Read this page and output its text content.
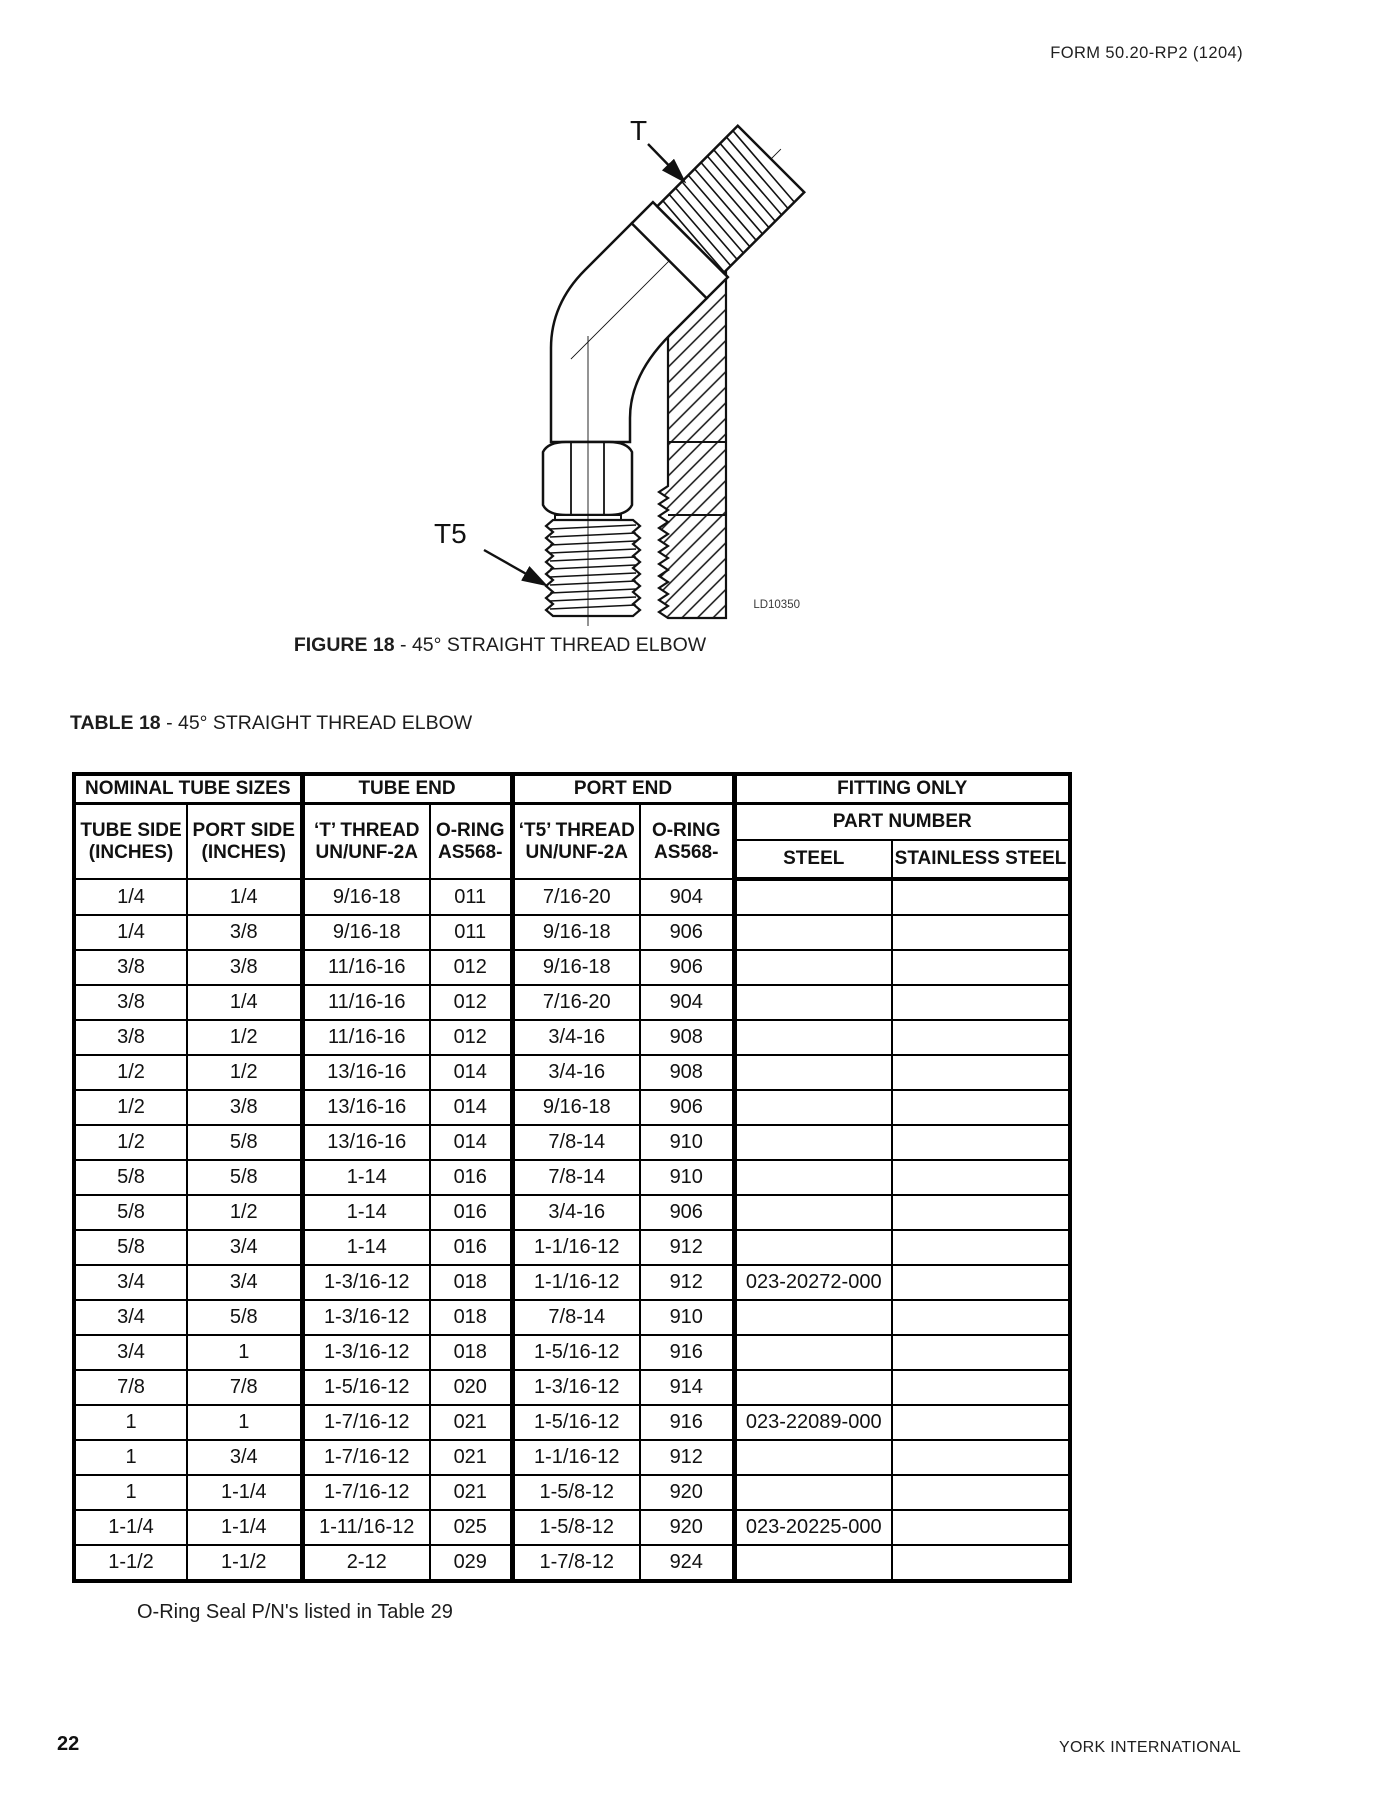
FORM 50.20-RP2 (1204)
T
T5
LD10350
FIGURE 18 - 45° STRAIGHT THREAD ELBOW
TABLE 18 - 45° STRAIGHT THREAD ELBOW
NOMINAL TUBE SIZES		TUBE END		PORT END		FITTING ONLY	

TUBE SIDE
(INCHES)	PORT SIDE
(INCHES)	‘T’ THREAD
UN/UNF-2A	O-RING
AS568-	‘T5’ THREAD
UN/UNF-2A	O-RING
AS568-	PART NUMBER	
						STEEL	STAINLESS STEEL
1/4	1/4	9/16-18	011	7/16-20	904		
1/4	3/8	9/16-18	011	9/16-18	906		
3/8	3/8	11/16-16	012	9/16-18	906		
3/8	1/4	11/16-16	012	7/16-20	904		
3/8	1/2	11/16-16	012	3/4-16	908		
1/2	1/2	13/16-16	014	3/4-16	908		
1/2	3/8	13/16-16	014	9/16-18	906		
1/2	5/8	13/16-16	014	7/8-14	910		
5/8	5/8	1-14	016	7/8-14	910		
5/8	1/2	1-14	016	3/4-16	906		
5/8	3/4	1-14	016	1-1/16-12	912		
3/4	3/4	1-3/16-12	018	1-1/16-12	912	023-20272-000	
3/4	5/8	1-3/16-12	018	7/8-14	910		
3/4	1	1-3/16-12	018	1-5/16-12	916		
7/8	7/8	1-5/16-12	020	1-3/16-12	914		
1	1	1-7/16-12	021	1-5/16-12	916	023-22089-000	
1	3/4	1-7/16-12	021	1-1/16-12	912		
1	1-1/4	1-7/16-12	021	1-5/8-12	920		
1-1/4	1-1/4	1-11/16-12	025	1-5/8-12	920	023-20225-000	
1-1/2	1-1/2	2-12	029	1-7/8-12	924		
O-Ring Seal P/N's listed in Table 29
22	YORK INTERNATIONAL
